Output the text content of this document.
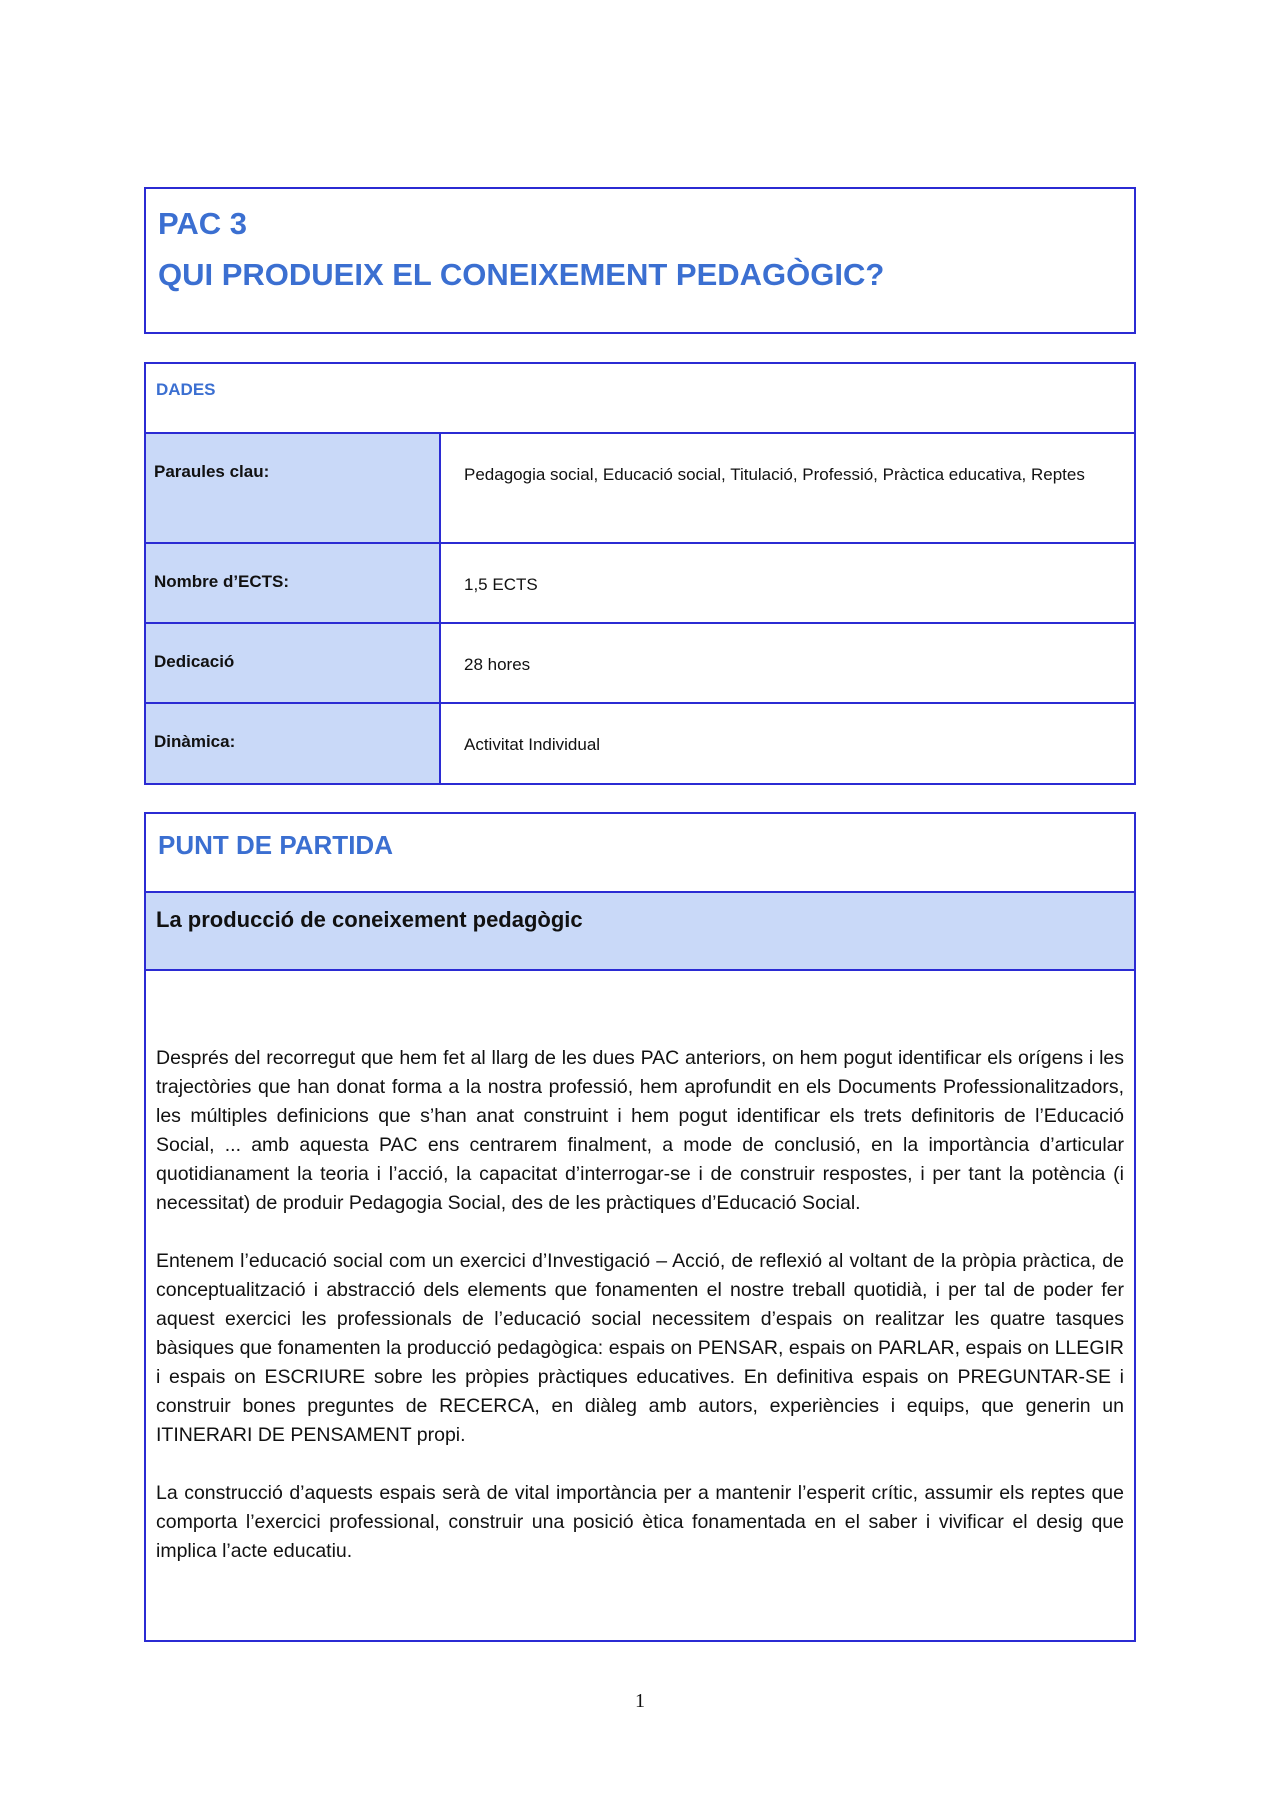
PAC 3
QUI PRODUEIX EL CONEIXEMENT PEDAGÒGIC?
DADES
Paraules clau:	Pedagogia social, Educació social, Titulació, Professió, Pràctica educativa, Reptes
Nombre d’ECTS:	1,5 ECTS
Dedicació	28 hores
Dinàmica:	Activitat Individual
PUNT DE PARTIDA
La producció de coneixement pedagògic

Després del recorregut que hem fet al llarg de les dues PAC anteriors, on hem pogut identificar els orígens i les trajectòries que han donat forma a la nostra professió, hem aprofundit en els Documents Professionalitzadors, les múltiples definicions que s’han anat construint i hem pogut identificar els trets definitoris de l’Educació Social, ... amb aquesta PAC ens centrarem finalment, a mode de conclusió, en la importància d’articular quotidianament la teoria i l’acció, la capacitat d’interrogar-se i de construir respostes, i per tant la potència (i necessitat) de produir Pedagogia Social, des de les pràctiques d’Educació Social.

Entenem l’educació social com un exercici d’Investigació – Acció, de reflexió al voltant de la pròpia pràctica, de conceptualització i abstracció dels elements que fonamenten el nostre treball quotidià, i per tal de poder fer aquest exercici les professionals de l’educació social necessitem d’espais on realitzar les quatre tasques bàsiques que fonamenten la producció pedagògica: espais on PENSAR, espais on PARLAR, espais on LLEGIR i espais on ESCRIURE sobre les pròpies pràctiques educatives. En definitiva espais on PREGUNTAR-SE i construir bones preguntes de RECERCA, en diàleg amb autors, experiències i equips, que generin un ITINERARI DE PENSAMENT propi.

La construcció d’aquests espais serà de vital importància per a mantenir l’esperit crític, assumir els reptes que comporta l’exercici professional, construir una posició ètica fonamentada en el saber i vivificar el desig que implica l’acte educatiu.

1
